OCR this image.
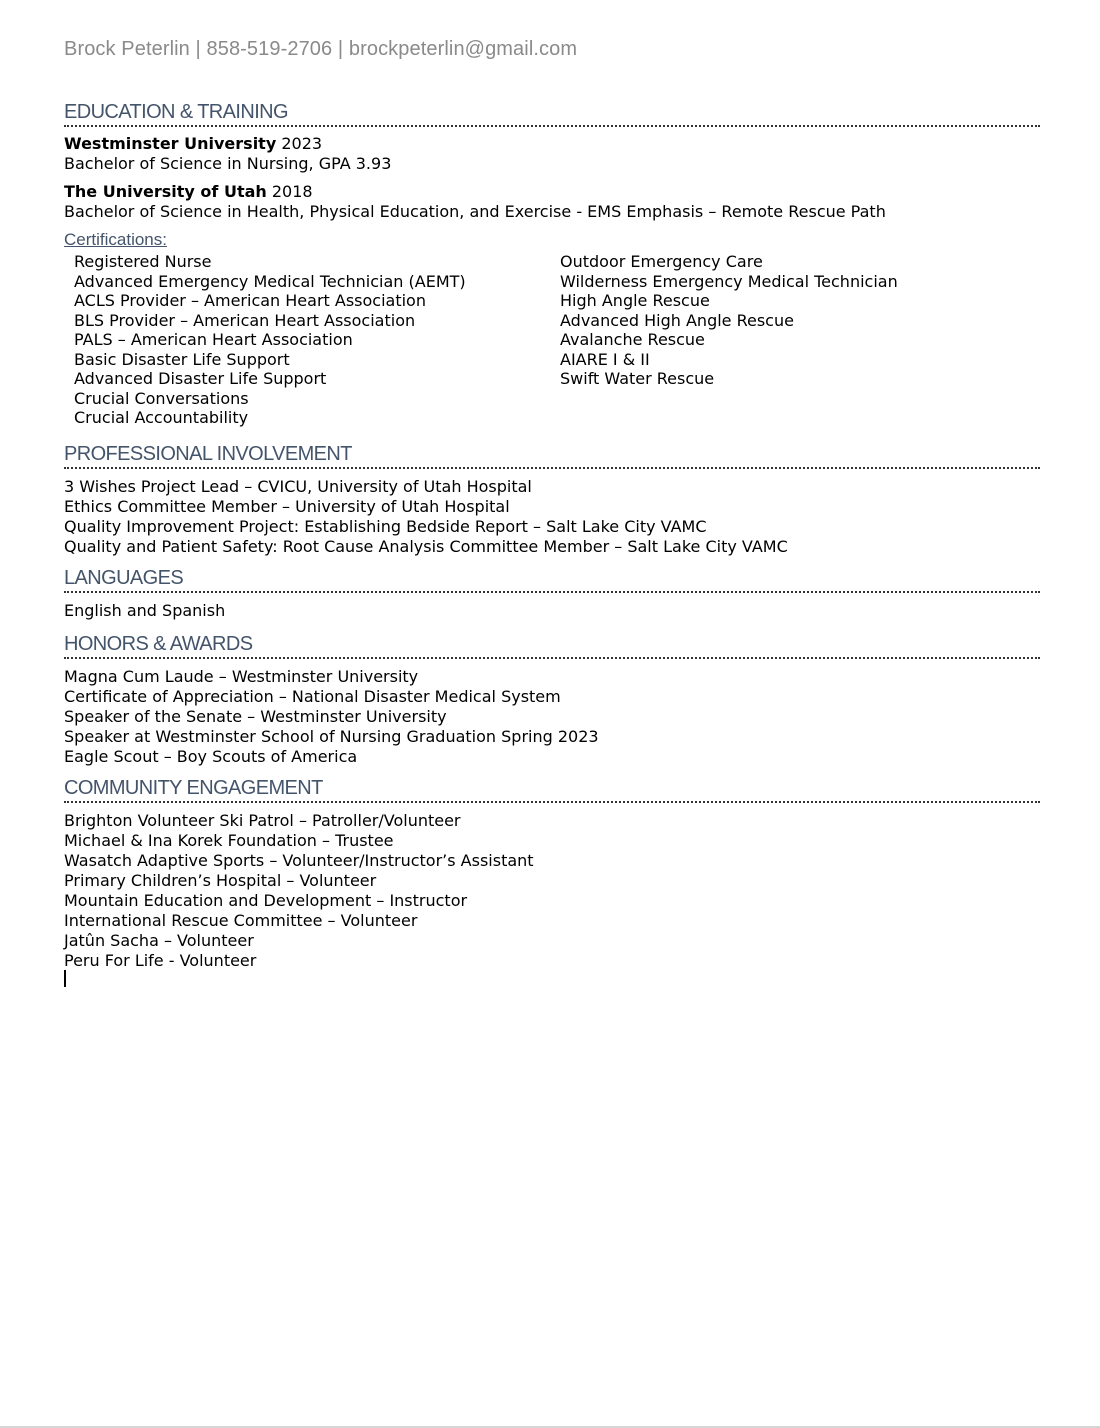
Brock Peterlin | 858-519-2706 | brockpeterlin@gmail.com
EDUCATION & TRAINING
Westminster University 2023
Bachelor of Science in Nursing, GPA 3.93
The University of Utah 2018
Bachelor of Science in Health, Physical Education, and Exercise - EMS Emphasis – Remote Rescue Path
Certifications:
Registered Nurse
Advanced Emergency Medical Technician (AEMT)
ACLS Provider – American Heart Association
BLS Provider – American Heart Association
PALS – American Heart Association
Basic Disaster Life Support
Advanced Disaster Life Support
Crucial Conversations
Crucial Accountability
Outdoor Emergency Care
Wilderness Emergency Medical Technician
High Angle Rescue
Advanced High Angle Rescue
Avalanche Rescue
AIARE I & II
Swift Water Rescue
PROFESSIONAL INVOLVEMENT
3 Wishes Project Lead – CVICU, University of Utah Hospital
Ethics Committee Member – University of Utah Hospital
Quality Improvement Project: Establishing Bedside Report – Salt Lake City VAMC
Quality and Patient Safety: Root Cause Analysis Committee Member – Salt Lake City VAMC
LANGUAGES
English and Spanish
HONORS & AWARDS
Magna Cum Laude – Westminster University
Certificate of Appreciation – National Disaster Medical System
Speaker of the Senate – Westminster University
Speaker at Westminster School of Nursing Graduation Spring 2023
Eagle Scout – Boy Scouts of America
COMMUNITY ENGAGEMENT
Brighton Volunteer Ski Patrol – Patroller/Volunteer
Michael & Ina Korek Foundation – Trustee
Wasatch Adaptive Sports – Volunteer/Instructor’s Assistant
Primary Children’s Hospital – Volunteer
Mountain Education and Development – Instructor
International Rescue Committee – Volunteer
Jatûn Sacha – Volunteer
Peru For Life - Volunteer
